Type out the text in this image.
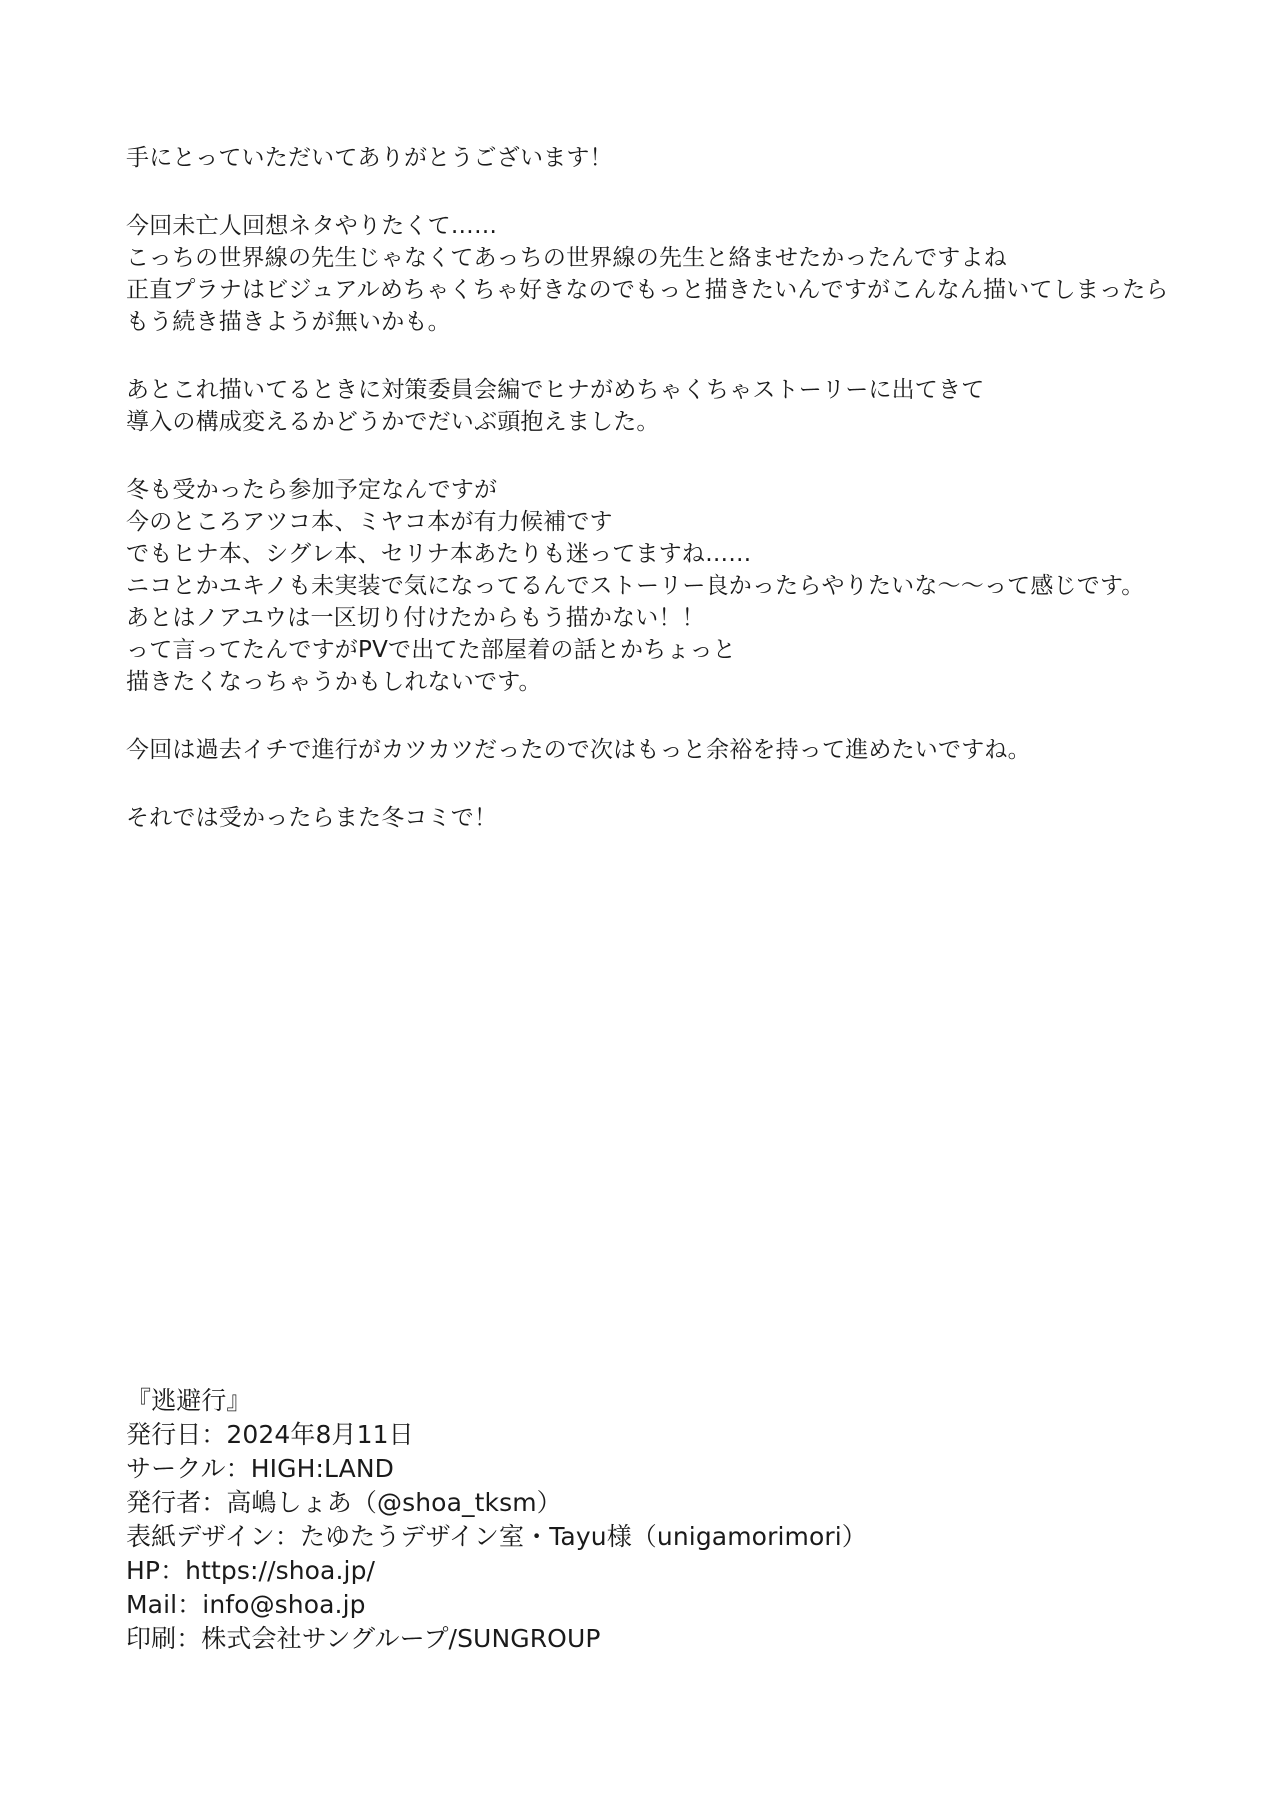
手にとっていただいてありがとうございます！
今回未亡人回想ネタやりたくて……
こっちの世界線の先生じゃなくてあっちの世界線の先生と絡ませたかったんですよね
正直プラナはビジュアルめちゃくちゃ好きなのでもっと描きたいんですがこんなん描いてしまったら
もう続き描きようが無いかも。
あとこれ描いてるときに対策委員会編でヒナがめちゃくちゃストーリーに出てきて
導入の構成変えるかどうかでだいぶ頭抱えました。
冬も受かったら参加予定なんですが
今のところアツコ本、ミヤコ本が有力候補です
でもヒナ本、シグレ本、セリナ本あたりも迷ってますね……
ニコとかユキノも未実装で気になってるんでストーリー良かったらやりたいな〜〜って感じです。
あとはノアユウは一区切り付けたからもう描かない！！
って言ってたんですがPVで出てた部屋着の話とかちょっと
描きたくなっちゃうかもしれないです。
今回は過去イチで進行がカツカツだったので次はもっと余裕を持って進めたいですね。
それでは受かったらまた冬コミで！
『逃避行』
発行日：2024年8月11日
サークル：HIGH:LAND
発行者：高嶋しょあ（@shoa_tksm）
表紙デザイン：たゆたうデザイン室・Tayu様（unigamorimori）
HP：https://shoa.jp/
Mail：info@shoa.jp
印刷：株式会社サングループ/SUNGROUP
